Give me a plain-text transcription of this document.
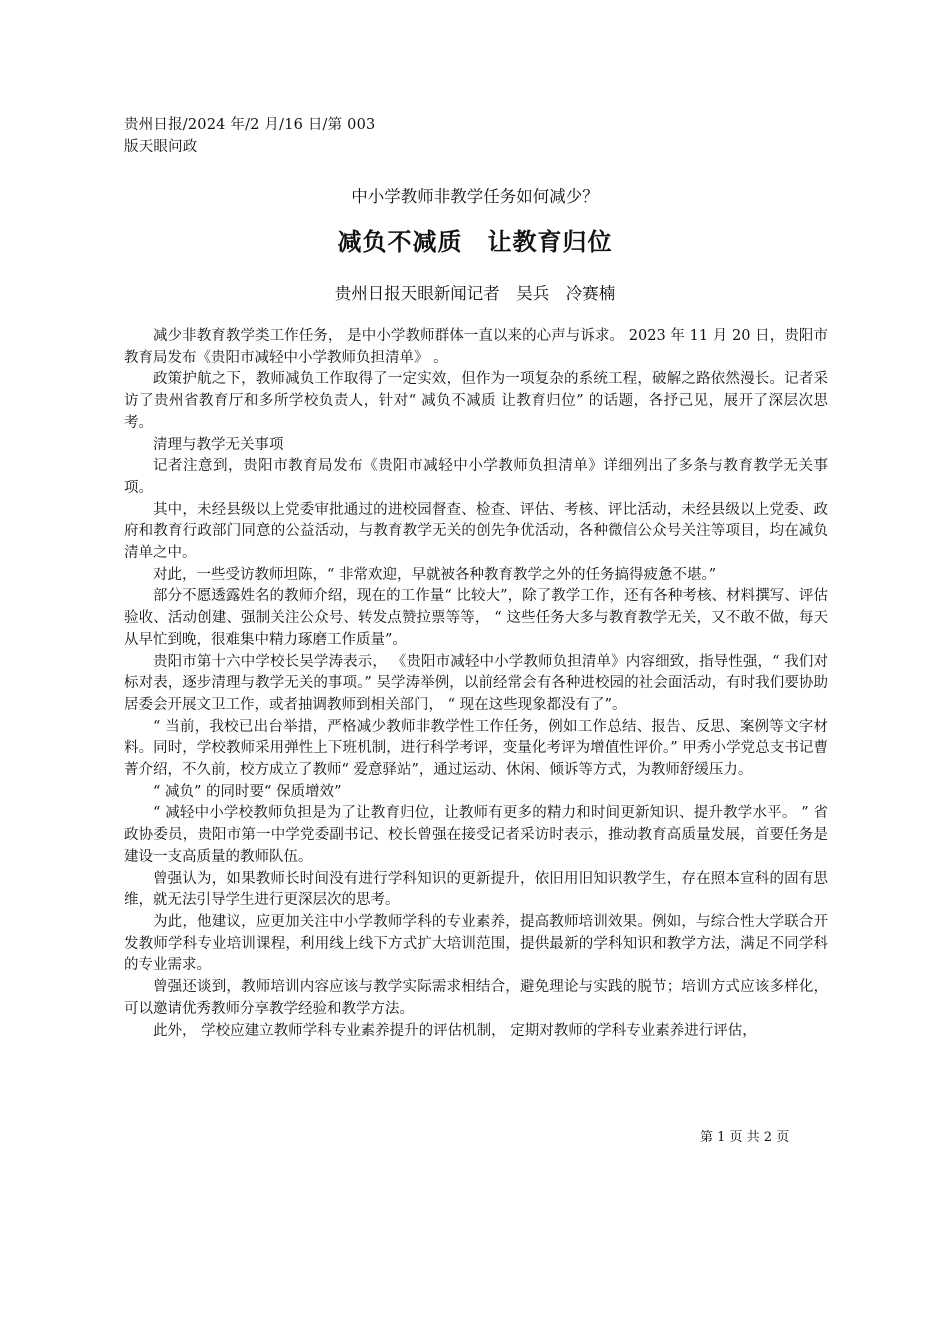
贵州日报/2024 年/2 月/16 日/第 003
版天眼问政
中小学教师非教学任务如何减少？
减负不减质　让教育归位
贵州日报天眼新闻记者　吴兵　冷赛楠

减少非教育教学类工作任务， 是中小学教师群体一直以来的心声与诉求。 2023 年 11 月 20 日，贵阳市教育局发布《贵阳市减轻中小学教师负担清单》 。

政策护航之下，教师减负工作取得了一定实效，但作为一项复杂的系统工程，破解之路依然漫长。记者采访了贵州省教育厅和多所学校负责人，针对“ 减负不减质 让教育归位” 的话题，各抒己见，展开了深层次思考。

清理与教学无关事项

记者注意到，贵阳市教育局发布《贵阳市减轻中小学教师负担清单》详细列出了多条与教育教学无关事项。

其中，未经县级以上党委审批通过的进校园督查、检查、评估、考核、评比活动，未经县级以上党委、政府和教育行政部门同意的公益活动，与教育教学无关的创先争优活动，各种微信公众号关注等项目，均在减负清单之中。

对此，一些受访教师坦陈，“ 非常欢迎，早就被各种教育教学之外的任务搞得疲惫不堪。”

部分不愿透露姓名的教师介绍，现在的工作量“ 比较大”，除了教学工作，还有各种考核、材料撰写、评估验收、活动创建、强制关注公众号、转发点赞拉票等等， “ 这些任务大多与教育教学无关，又不敢不做，每天从早忙到晚，很难集中精力琢磨工作质量”。

贵阳市第十六中学校长吴学涛表示， 《贵阳市减轻中小学教师负担清单》内容细致，指导性强，“ 我们对标对表，逐步清理与教学无关的事项。” 吴学涛举例，以前经常会有各种进校园的社会面活动，有时我们要协助居委会开展文卫工作，或者抽调教师到相关部门， “ 现在这些现象都没有了”。

“ 当前，我校已出台举措，严格减少教师非教学性工作任务，例如工作总结、报告、反思、案例等文字材料。同时，学校教师采用弹性上下班机制，进行科学考评，变量化考评为增值性评价。” 甲秀小学党总支书记曹菁介绍，不久前，校方成立了教师“ 爱意驿站”，通过运动、休闲、倾诉等方式，为教师舒缓压力。

“ 减负” 的同时要“ 保质增效”

“ 减轻中小学校教师负担是为了让教育归位，让教师有更多的精力和时间更新知识、提升教学水平。 ” 省政协委员，贵阳市第一中学党委副书记、校长曾强在接受记者采访时表示，推动教育高质量发展，首要任务是建设一支高质量的教师队伍。

曾强认为，如果教师长时间没有进行学科知识的更新提升，依旧用旧知识教学生，存在照本宣科的固有思维，就无法引导学生进行更深层次的思考。

为此，他建议，应更加关注中小学教师学科的专业素养，提高教师培训效果。例如，与综合性大学联合开发教师学科专业培训课程，利用线上线下方式扩大培训范围，提供最新的学科知识和教学方法，满足不同学科的专业需求。

曾强还谈到，教师培训内容应该与教学实际需求相结合，避免理论与实践的脱节；培训方式应该多样化，可以邀请优秀教师分享教学经验和教学方法。

此外， 学校应建立教师学科专业素养提升的评估机制， 定期对教师的学科专业素养进行评估，

第 1 页 共 2 页
